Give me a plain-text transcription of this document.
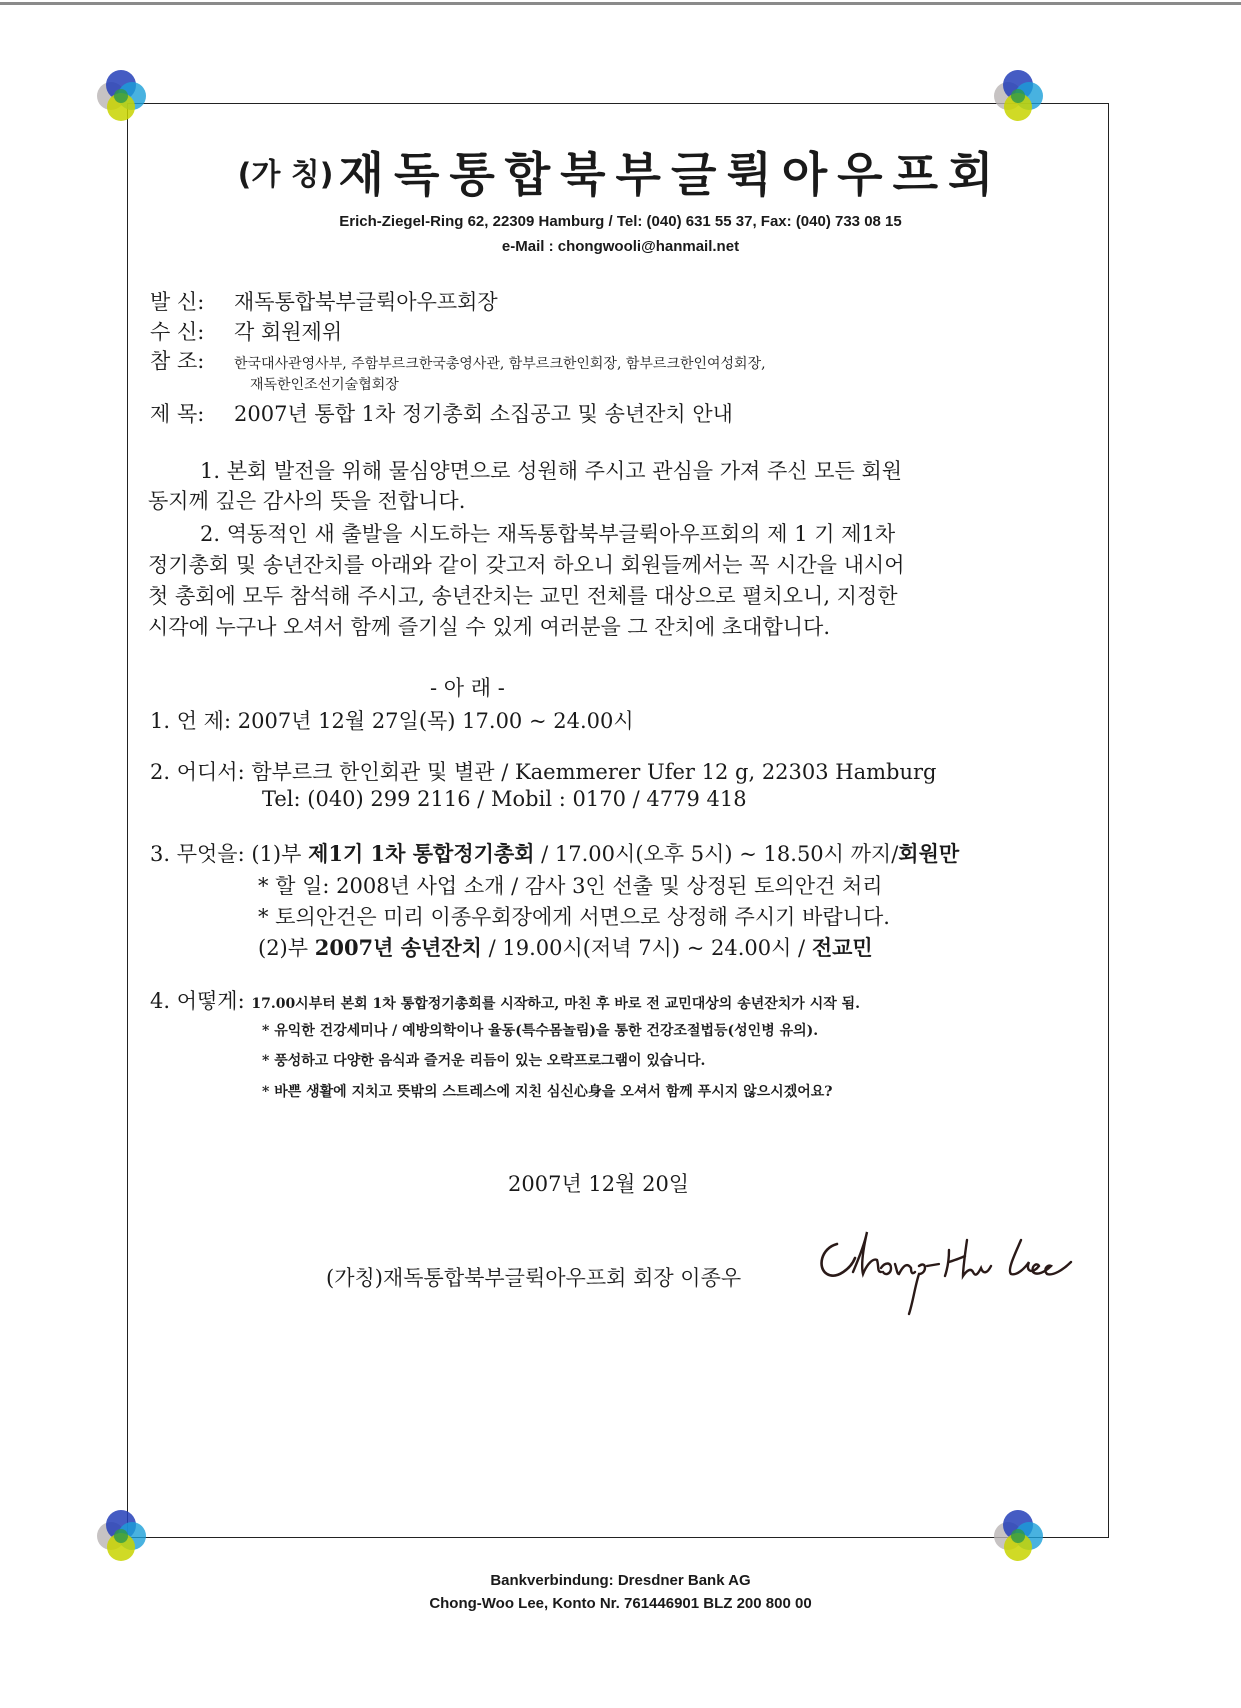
(가 칭) 재독통합북부글뤽아우프회
Erich-Ziegel-Ring 62, 22309 Hamburg / Tel: (040) 631 55 37, Fax: (040) 733 08 15
e-Mail : chongwooli@hanmail.net
발 신: 재독통합북부글뤽아우프회장
수 신: 각 회원제위
참 조: 한국대사관영사부, 주함부르크한국총영사관, 함부르크한인회장, 함부르크한인여성회장,
재독한인조선기술협회장
제 목: 2007년 통합 1차 정기총회 소집공고 및 송년잔치 안내
1. 본회 발전을 위해 물심양면으로 성원해 주시고 관심을 가져 주신 모든 회원
동지께 깊은 감사의 뜻을 전합니다.
2. 역동적인 새 출발을 시도하는 재독통합북부글뤽아우프회의 제 1 기 제1차
정기총회 및 송년잔치를 아래와 같이 갖고저 하오니 회원들께서는 꼭 시간을 내시어
첫 총회에 모두 참석해 주시고, 송년잔치는 교민 전체를 대상으로 펼치오니, 지정한
시각에 누구나 오셔서 함께 즐기실 수 있게 여러분을 그 잔치에 초대합니다.
- 아 래 -
1. 언 제: 2007년 12월 27일(목) 17.00 ~ 24.00시
2. 어디서: 함부르크 한인회관 및 별관 / Kaemmerer Ufer 12 g, 22303 Hamburg
Tel: (040) 299 2116 / Mobil : 0170 / 4779 418
3. 무엇을: (1)부 제1기 1차 통합정기총회 / 17.00시(오후 5시) ~ 18.50시 까지/회원만
* 할 일: 2008년 사업 소개 / 감사 3인 선출 및 상정된 토의안건 처리
* 토의안건은 미리 이종우회장에게 서면으로 상정해 주시기 바랍니다.
(2)부 2007년 송년잔치 / 19.00시(저녁 7시) ~ 24.00시 / 전교민
4. 어떻게: 17.00시부터 본회 1차 통합정기총회를 시작하고, 마친 후 바로 전 교민대상의 송년잔치가 시작 됨.
* 유익한 건강세미나 / 예방의학이나 율동(특수몸놀림)을 통한 건강조절법등(성인병 유의).
* 풍성하고 다양한 음식과 즐거운 리듬이 있는 오락프로그램이 있습니다.
* 바쁜 생활에 지치고 뜻밖의 스트레스에 지친 심신心身을 오셔서 함께 푸시지 않으시겠어요?
2007년 12월 20일
(가칭)재독통합북부글뤽아우프회 회장 이종우
Bankverbindung: Dresdner Bank AG
Chong-Woo Lee, Konto Nr. 761446901 BLZ 200 800 00
